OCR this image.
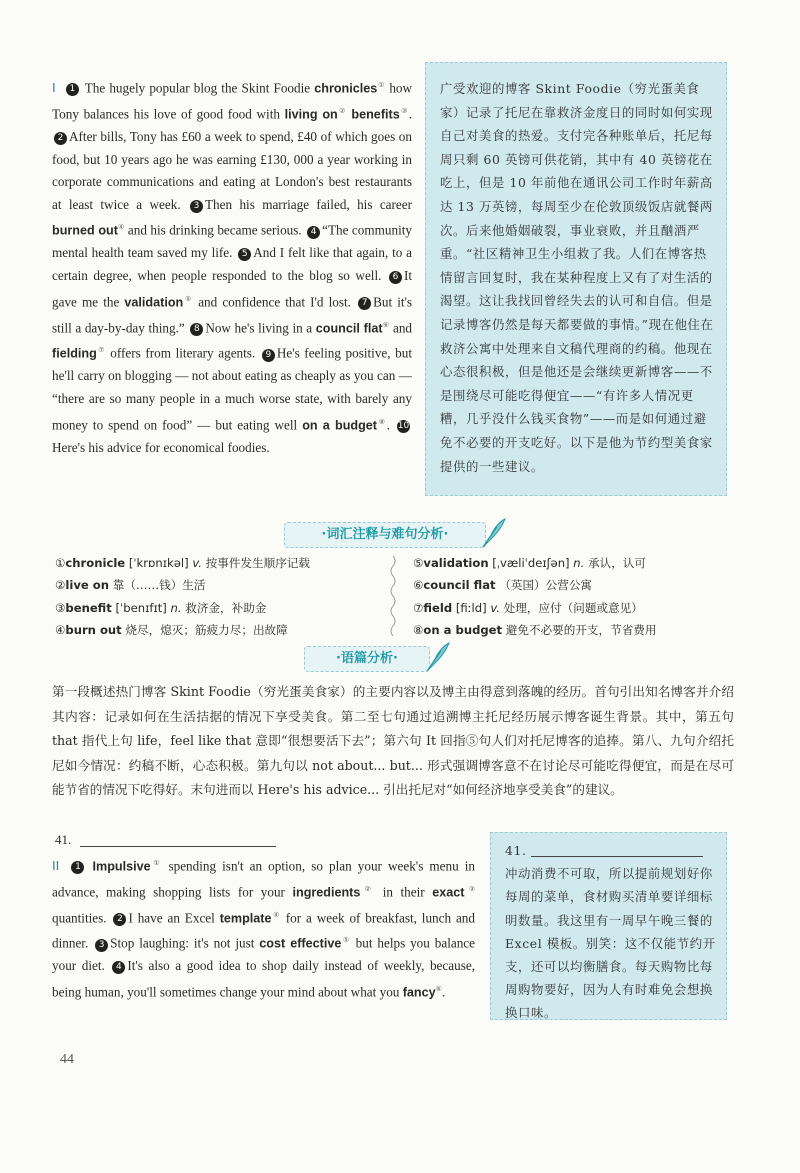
I 1 The hugely popular blog the Skint Foodie chronicles① how Tony balances his love of good food with living on② benefits③. 2 After bills, Tony has £60 a week to spend, £40 of which goes on food, but 10 years ago he was earning £130, 000 a year working in corporate communications and eating at London's best restaurants at least twice a week. 3 Then his marriage failed, his career burned out④ and his drinking became serious. 4 “The community mental health team saved my life. 5 And I felt like that again, to a certain degree, when people responded to the blog so well. 6 It gave me the validation⑤ and confidence that I'd lost. 7 But it's still a day-by-day thing.” 8 Now he's living in a council flat⑥ and fielding⑦ offers from literary agents. 9 He's feeling positive, but he'll carry on blogging — not about eating as cheaply as you can — “there are so many people in a much worse state, with barely any money to spend on food” — but eating well on a budget⑧. 10Here's his advice for economical foodies.
广受欢迎的博客 Skint Foodie（穷光蛋美食家）记录了托尼在靠救济金度日的同时如何实现自己对美食的热爱。支付完各种账单后，托尼每周只剩 60 英镑可供花销，其中有 40 英镑花在吃上，但是 10 年前他在通讯公司工作时年薪高达 13 万英镑，每周至少在伦敦顶级饭店就餐两次。后来他婚姻破裂，事业衰败，并且酗酒严重。“社区精神卫生小组救了我。人们在博客热情留言回复时，我在某种程度上又有了对生活的渴望。这让我找回曾经失去的认可和自信。但是记录博客仍然是每天都要做的事情。”现在他住在救济公寓中处理来自文稿代理商的约稿。他现在心态很积极，但是他还是会继续更新博客——不是围绕尽可能吃得便宜——“有许多人情况更糟，几乎没什么钱买食物”——而是如何通过避免不必要的开支吃好。以下是他为节约型美食家提供的一些建议。
·词汇注释与难句分析·
①chronicle [ˈkrɒnɪkəl] v. 按事件发生顺序记载
②live on 靠（……钱）生活
③benefit [ˈbenɪfɪt] n. 救济金，补助金
④burn out 烧尽，熄灭；筋疲力尽；出故障
⑤validation [ˌvæliˈdeɪʃən] n. 承认，认可
⑥council flat （英国）公营公寓
⑦field [fiːld] v. 处理，应付（问题或意见）
⑧on a budget 避免不必要的开支，节省费用
·语篇分析·
第一段概述热门博客 Skint Foodie（穷光蛋美食家）的主要内容以及博主由得意到落魄的经历。首句引出知名博客并介绍其内容：记录如何在生活拮据的情况下享受美食。第二至七句通过追溯博主托尼经历展示博客诞生背景。其中，第五句 that 指代上句 life，feel like that 意即“很想要活下去”；第六句 It 回指⑤句人们对托尼博客的追捧。第八、九句介绍托尼如今情况：约稿不断，心态积极。第九句以 not about... but... 形式强调博客意不在讨论尽可能吃得便宜，而是在尽可能节省的情况下吃得好。末句进而以 Here's his advice... 引出托尼对“如何经济地享受美食”的建议。
41.
II 1 Impulsive① spending isn't an option, so plan your week's menu in advance, making shopping lists for your ingredients② in their exact③ quantities. 2 I have an Excel template④ for a week of breakfast, lunch and dinner. 3 Stop laughing: it's not just cost effective⑤ but helps you balance your diet. 4 It's also a good idea to shop daily instead of weekly, because, being human, you'll sometimes change your mind about what you fancy⑥.
41.
冲动消费不可取，所以提前规划好你每周的菜单，食材购买清单要详细标明数量。我这里有一周早午晚三餐的 Excel 模板。别笑：这不仅能节约开支，还可以均衡膳食。每天购物比每周购物要好，因为人有时难免会想换换口味。
44
